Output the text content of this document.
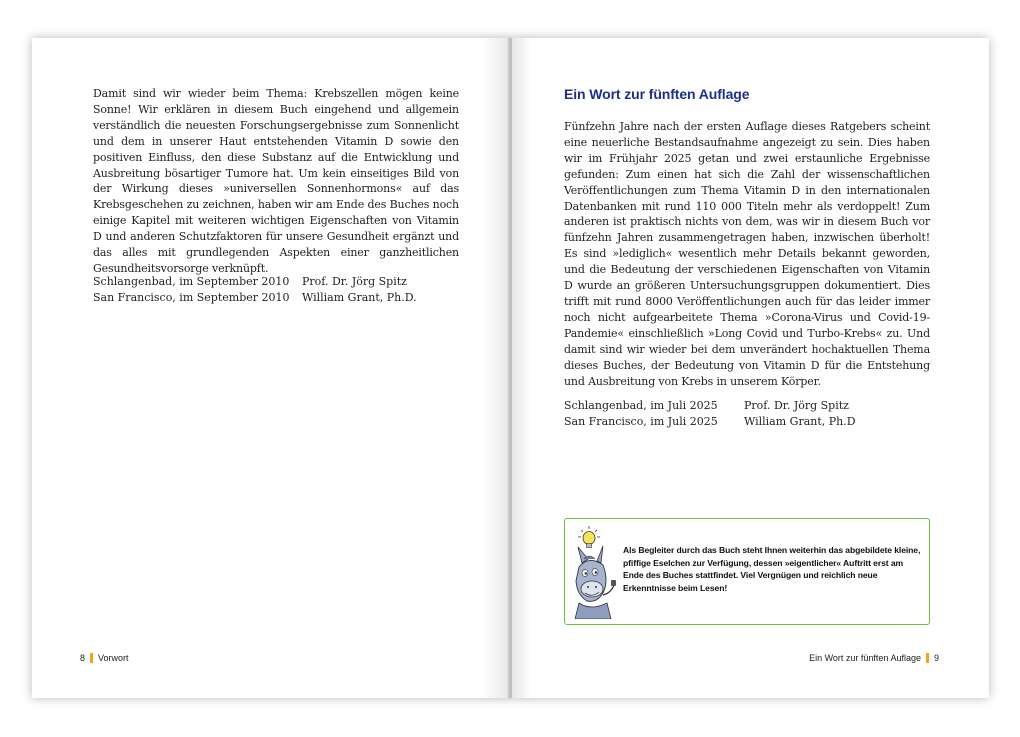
Damit sind wir wieder beim Thema: Krebszellen mögen keine Sonne! Wir erklären in diesem Buch eingehend und allgemein verständlich die neuesten Forschungsergebnisse zum Sonnenlicht und dem in unserer Haut entstehenden Vitamin D sowie den positiven Einfluss, den diese Substanz auf die Entwicklung und Ausbreitung bösartiger Tumore hat. Um kein einseitiges Bild von der Wirkung dieses »universellen Sonnenhormons« auf das Krebsgeschehen zu zeichnen, haben wir am Ende des Buches noch einige Kapitel mit weiteren wichtigen Eigenschaften von Vitamin D und anderen Schutzfaktoren für unsere Gesundheit ergänzt und das alles mit grundlegenden Aspekten einer ganzheitlichen Gesundheitsvorsorge verknüpft.

Schlangenbad, im September 2010
San Francisco, im September 2010
Prof. Dr. Jörg Spitz
William Grant, Ph.D.
8 Vorwort
Ein Wort zur fünften Auflage

Fünfzehn Jahre nach der ersten Auflage dieses Ratgebers scheint eine neuerliche Bestandsaufnahme angezeigt zu sein. Dies haben wir im Frühjahr 2025 getan und zwei erstaunliche Ergebnisse gefunden: Zum einen hat sich die Zahl der wissenschaftlichen Veröffentlichungen zum Thema Vitamin D in den internationalen Datenbanken mit rund 110 000 Titeln mehr als verdoppelt! Zum anderen ist praktisch nichts von dem, was wir in diesem Buch vor fünfzehn Jahren zusammengetragen haben, inzwischen überholt! Es sind »lediglich« wesentlich mehr Details bekannt geworden, und die Bedeutung der verschiedenen Eigenschaften von Vitamin D wurde an größeren Untersuchungsgruppen dokumentiert. Dies trifft mit rund 8000 Veröffentlichungen auch für das leider immer noch nicht aufgearbeitete Thema »Corona-Virus und Covid-19-Pandemie« einschließlich »Long Covid und Turbo-Krebs« zu. Und damit sind wir wieder bei dem unverändert hochaktuellen Thema dieses Buches, der Bedeutung von Vitamin D für die Entstehung und Ausbreitung von Krebs in unserem Körper.

Schlangenbad, im Juli 2025
San Francisco, im Juli 2025
Prof. Dr. Jörg Spitz
William Grant, Ph.D

Als Begleiter durch das Buch steht Ihnen weiterhin das abgebildete kleine, pfiffige Eselchen zur Verfügung, dessen »eigentlicher« Auftritt erst am Ende des Buches stattfindet. Viel Vergnügen und reichlich neue Erkenntnisse beim Lesen!

Ein Wort zur fünften Auflage 9
